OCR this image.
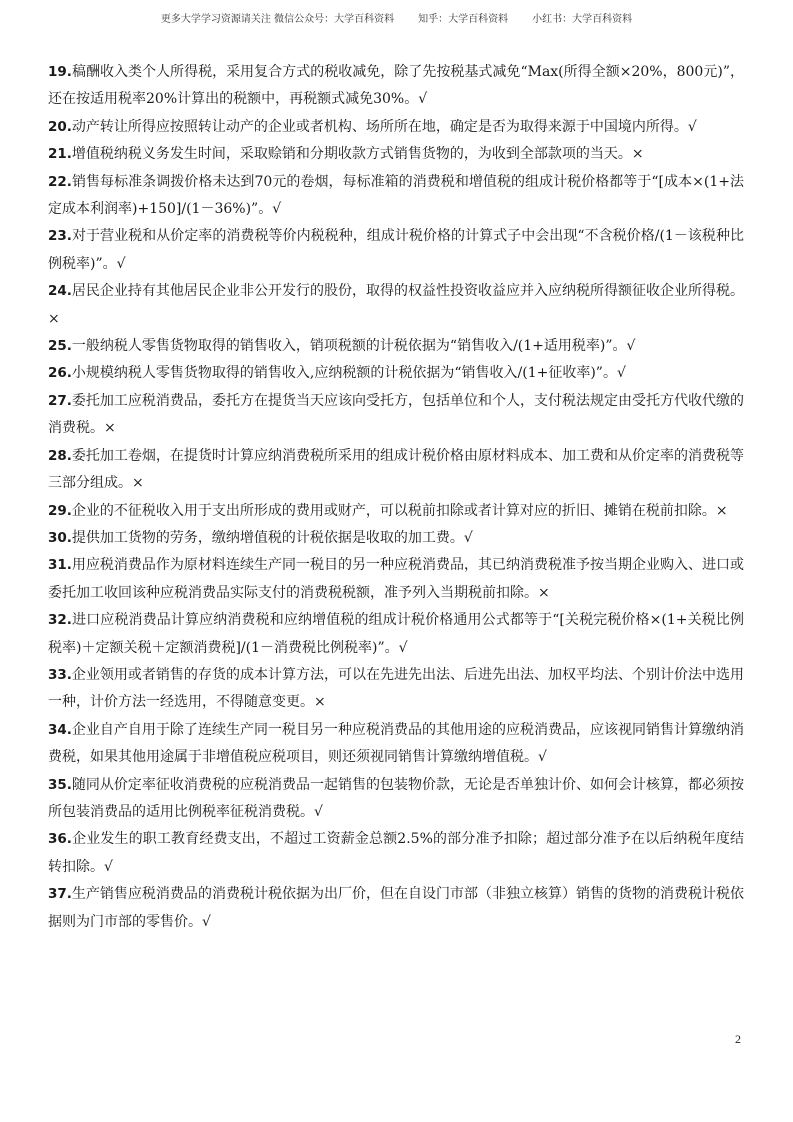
更多大学学习资源请关注 微信公众号：大学百科资料 知乎：大学百科资料 小红书：大学百科资料
19.稿酬收入类个人所得税，采用复合方式的税收减免，除了先按税基式减免“Max(所得全额×20%，800元)”，还在按适用税率20%计算出的税额中，再税额式减免30%。√
20.动产转让所得应按照转让动产的企业或者机构、场所所在地，确定是否为取得来源于中国境内所得。√
21.增值税纳税义务发生时间，采取赊销和分期收款方式销售货物的，为收到全部款项的当天。×
22.销售每标准条调拨价格未达到70元的卷烟，每标准箱的消费税和增值税的组成计税价格都等于“[成本×(1+法定成本利润率)+150]/(1－36%)”。√
23.对于营业税和从价定率的消费税等价内税税种，组成计税价格的计算式子中会出现“不含税价格/(1－该税种比例税率)”。√
24.居民企业持有其他居民企业非公开发行的股份，取得的权益性投资收益应并入应纳税所得额征收企业所得税。×
25.一般纳税人零售货物取得的销售收入，销项税额的计税依据为“销售收入/(1+适用税率)”。√
26.小规模纳税人零售货物取得的销售收入,应纳税额的计税依据为“销售收入/(1+征收率)”。√
27.委托加工应税消费品，委托方在提货当天应该向受托方，包括单位和个人，支付税法规定由受托方代收代缴的消费税。×
28.委托加工卷烟，在提货时计算应纳消费税所采用的组成计税价格由原材料成本、加工费和从价定率的消费税等三部分组成。×
29.企业的不征税收入用于支出所形成的费用或财产，可以税前扣除或者计算对应的折旧、摊销在税前扣除。×
30.提供加工货物的劳务，缴纳增值税的计税依据是收取的加工费。√
31.用应税消费品作为原材料连续生产同一税目的另一种应税消费品，其已纳消费税准予按当期企业购入、进口或委托加工收回该种应税消费品实际支付的消费税税额，准予列入当期税前扣除。×
32.进口应税消费品计算应纳消费税和应纳增值税的组成计税价格通用公式都等于“[关税完税价格×(1+关税比例税率)＋定额关税＋定额消费税]/(1－消费税比例税率)”。√
33.企业领用或者销售的存货的成本计算方法，可以在先进先出法、后进先出法、加权平均法、个别计价法中选用一种，计价方法一经选用，不得随意变更。×
34.企业自产自用于除了连续生产同一税目另一种应税消费品的其他用途的应税消费品，应该视同销售计算缴纳消费税，如果其他用途属于非增值税应税项目，则还须视同销售计算缴纳增值税。√
35.随同从价定率征收消费税的应税消费品一起销售的包装物价款，无论是否单独计价、如何会计核算，都必须按所包装消费品的适用比例税率征税消费税。√
36.企业发生的职工教育经费支出，不超过工资薪金总额2.5%的部分准予扣除；超过部分准予在以后纳税年度结转扣除。√
37.生产销售应税消费品的消费税计税依据为出厂价，但在自设门市部（非独立核算）销售的货物的消费税计税依据则为门市部的零售价。√
2
